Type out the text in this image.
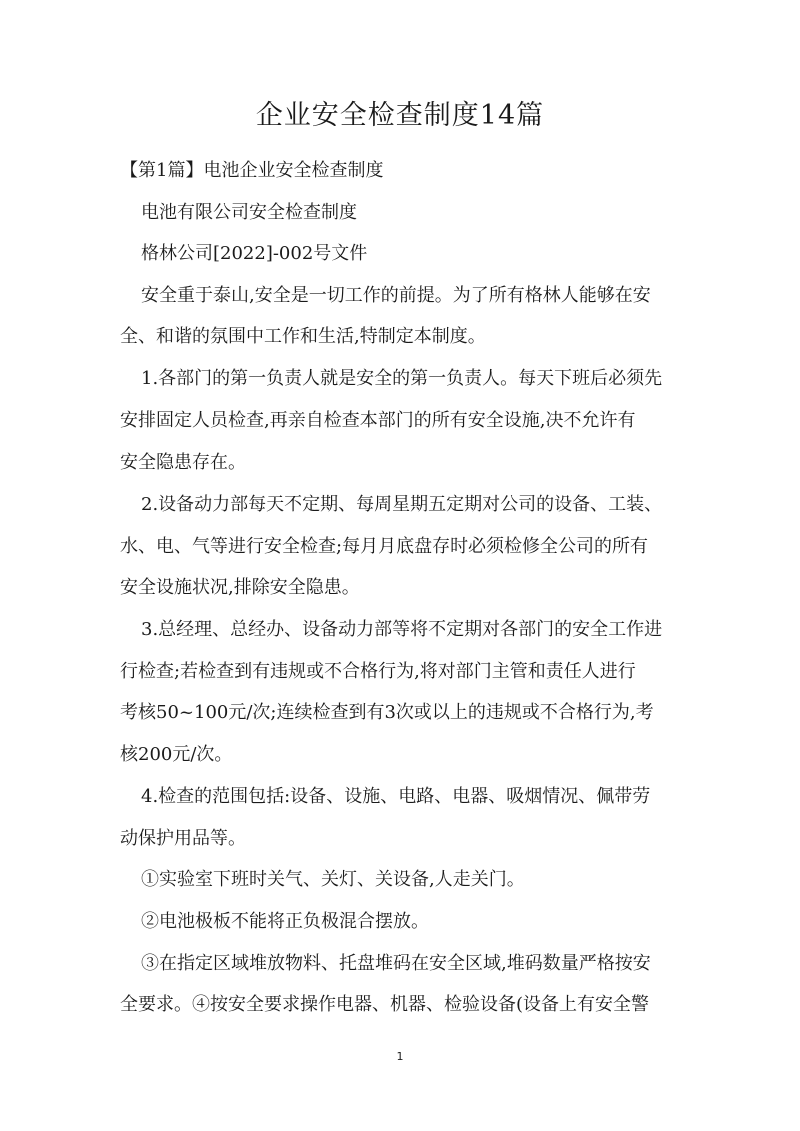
企业安全检查制度14篇

【第1篇】电池企业安全检查制度

电池有限公司安全检查制度

格林公司[2022]-002号文件

安全重于泰山,安全是一切工作的前提。为了所有格林人能够在安

全、和谐的氛围中工作和生活,特制定本制度。

1.各部门的第一负责人就是安全的第一负责人。每天下班后必须先

安排固定人员检查,再亲自检查本部门的所有安全设施,决不允许有

安全隐患存在。

2.设备动力部每天不定期、每周星期五定期对公司的设备、工装、

水、电、气等进行安全检查;每月月底盘存时必须检修全公司的所有

安全设施状况,排除安全隐患。

3.总经理、总经办、设备动力部等将不定期对各部门的安全工作进

行检查;若检查到有违规或不合格行为,将对部门主管和责任人进行

考核50~100元/次;连续检查到有3次或以上的违规或不合格行为,考

核200元/次。

4.检查的范围包括:设备、设施、电路、电器、吸烟情况、佩带劳

动保护用品等。

①实验室下班时关气、关灯、关设备,人走关门。

②电池极板不能将正负极混合摆放。

③在指定区域堆放物料、托盘堆码在安全区域,堆码数量严格按安

全要求。④按安全要求操作电器、机器、检验设备(设备上有安全警

1
